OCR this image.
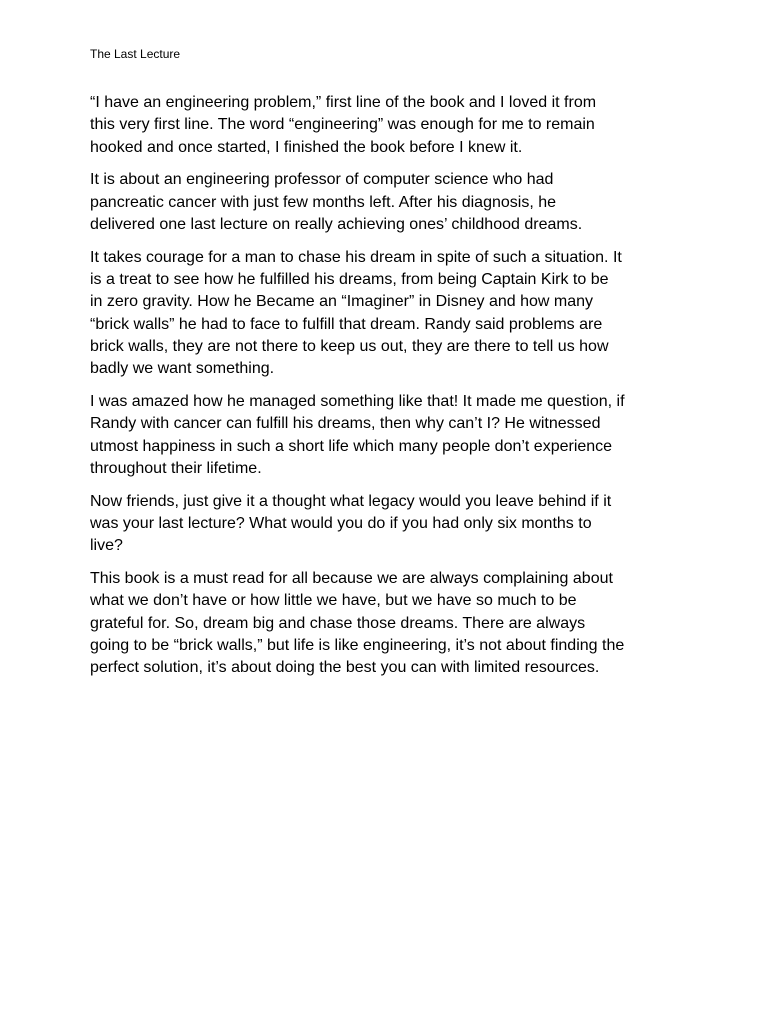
The Last Lecture

“I have an engineering problem,” first line of the book and I loved it from
this very first line. The word “engineering” was enough for me to remain
hooked and once started, I finished the book before I knew it.

It is about an engineering professor of computer science who had
pancreatic cancer with just few months left. After his diagnosis, he
delivered one last lecture on really achieving ones’ childhood dreams.

It takes courage for a man to chase his dream in spite of such a situation. It
is a treat to see how he fulfilled his dreams, from being Captain Kirk to be
in zero gravity. How he Became an “Imaginer” in Disney and how many
“brick walls” he had to face to fulfill that dream. Randy said problems are
brick walls, they are not there to keep us out, they are there to tell us how
badly we want something.

I was amazed how he managed something like that! It made me question, if
Randy with cancer can fulfill his dreams, then why can’t I? He witnessed
utmost happiness in such a short life which many people don’t experience
throughout their lifetime.

Now friends, just give it a thought what legacy would you leave behind if it
was your last lecture? What would you do if you had only six months to
live?

This book is a must read for all because we are always complaining about
what we don’t have or how little we have, but we have so much to be
grateful for. So, dream big and chase those dreams. There are always
going to be “brick walls,” but life is like engineering, it’s not about finding the
perfect solution, it’s about doing the best you can with limited resources.
